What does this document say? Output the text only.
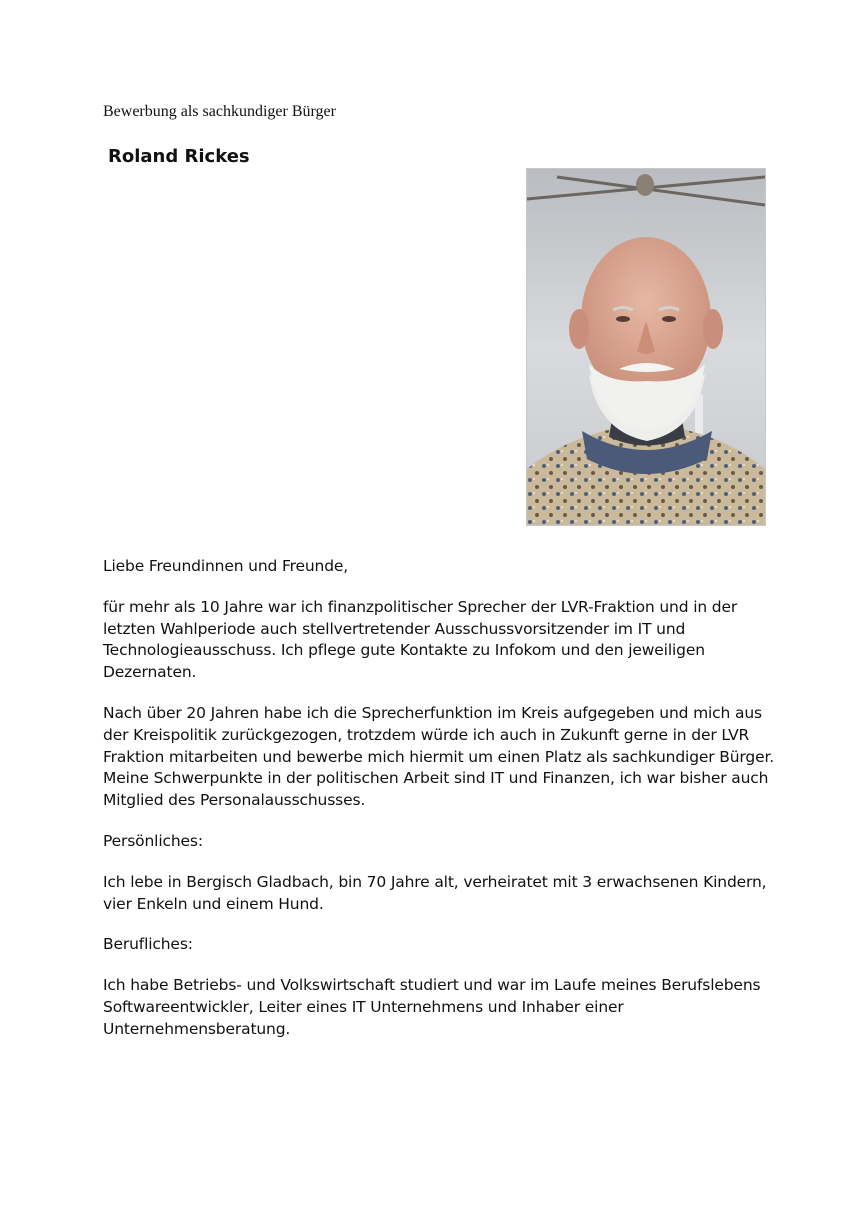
Bewerbung als sachkundiger Bürger
Roland Rickes

Liebe Freundinnen und Freunde,

für mehr als 10 Jahre war ich finanzpolitischer Sprecher der LVR-Fraktion und in der letzten Wahlperiode auch stellvertretender Ausschussvorsitzender im IT und Technologieausschuss. Ich pflege gute Kontakte zu Infokom und den jeweiligen Dezernaten.

Nach über 20 Jahren habe ich die Sprecherfunktion im Kreis aufgegeben und mich aus der Kreispolitik zurückgezogen, trotzdem würde ich auch in Zukunft gerne in der LVR Fraktion mitarbeiten und bewerbe mich hiermit um einen Platz als sachkundiger Bürger. Meine Schwerpunkte in der politischen Arbeit sind IT und Finanzen, ich war bisher auch Mitglied des Personalausschusses.

Persönliches:

Ich lebe in Bergisch Gladbach, bin 70 Jahre alt, verheiratet mit 3 erwachsenen Kindern, vier Enkeln und einem Hund.

Berufliches:

Ich habe Betriebs- und Volkswirtschaft studiert und war im Laufe meines Berufslebens Softwareentwickler, Leiter eines IT Unternehmens und Inhaber einer Unternehmensberatung.
